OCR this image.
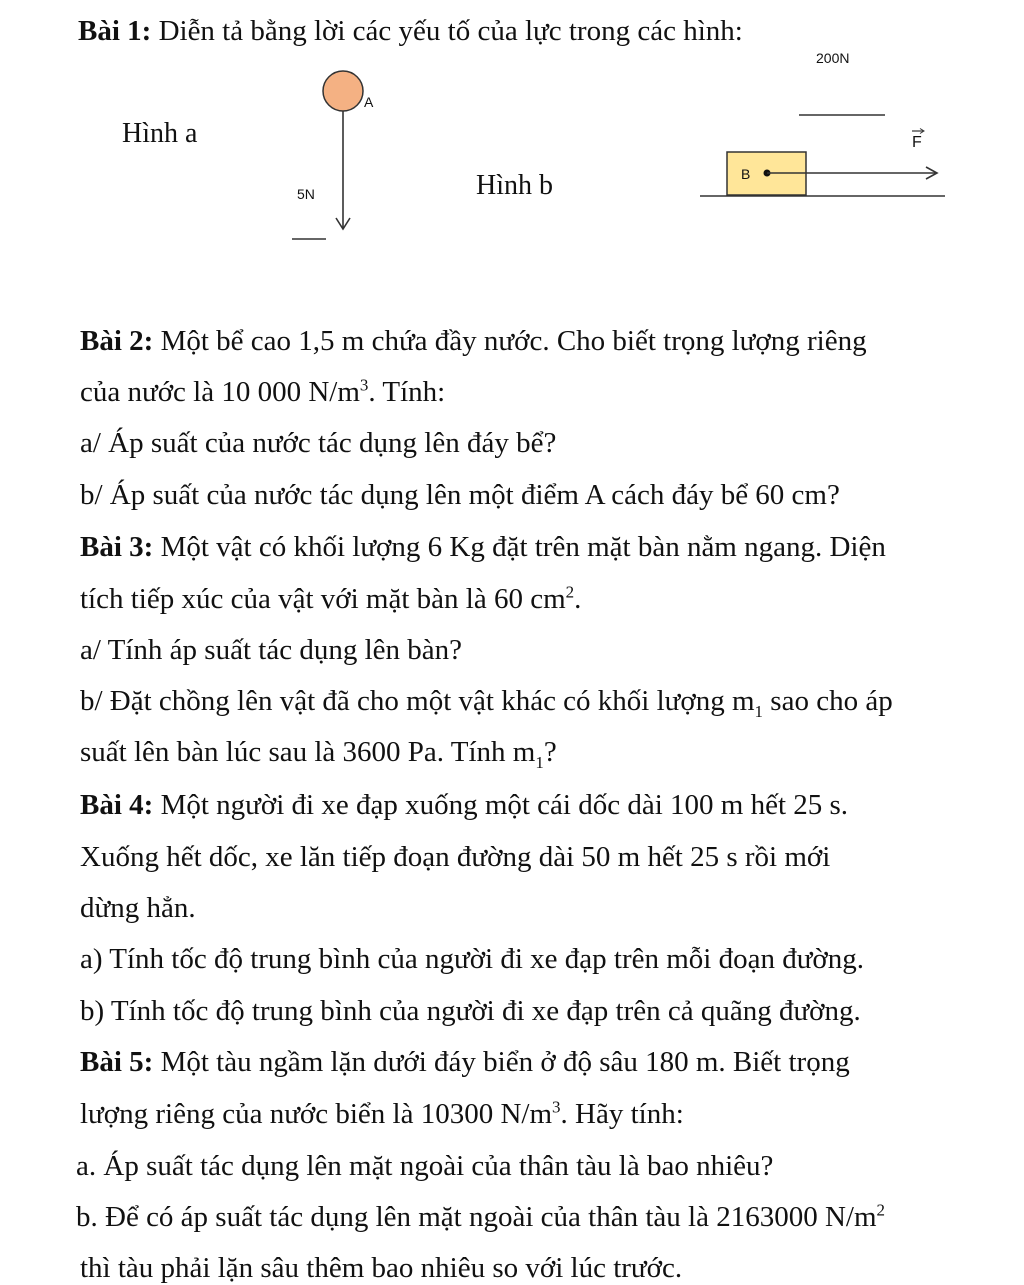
Bài 1: Diễn tả bằng lời các yếu tố của lực trong các hình:
Hình a
A
5N	Hình b
200N
B
F
Bài 2: Một bể cao 1,5 m chứa đầy nước. Cho biết trọng lượng riêng
của nước là 10 000 $N/m^3$. Tính:
a/ Áp suất của nước tác dụng lên đáy bể?
b/ Áp suất của nước tác dụng lên một điểm A cách đáy bể 60 cm?
Bài 3: Một vật có khối lượng 6 Kg đặt trên mặt bàn nằm ngang. Diện
tích tiếp xúc của vật với mặt bàn là 60 $cm^2$.
a/ Tính áp suất tác dụng lên bàn?
b/ Đặt chồng lên vật đã cho một vật khác có khối lượng $m_1$ sao cho áp
suất lên bàn lúc sau là 3600 Pa. Tính $m_1$?
Bài 4: Một người đi xe đạp xuống một cái dốc dài 100 m hết 25 s.
Xuống hết dốc, xe lăn tiếp đoạn đường dài 50 m hết 25 s rồi mới
dừng hẳn.
a) Tính tốc độ trung bình của người đi xe đạp trên mỗi đoạn đường.
b) Tính tốc độ trung bình của người đi xe đạp trên cả quãng đường.
Bài 5: Một tàu ngầm lặn dưới đáy biển ở độ sâu 180 m. Biết trọng
lượng riêng của nước biển là 10300 $N/m^3$. Hãy tính:
a. Áp suất tác dụng lên mặt ngoài của thân tàu là bao nhiêu?
b. Để có áp suất tác dụng lên mặt ngoài của thân tàu là 2163000 $N/m^2$
thì tàu phải lặn sâu thêm bao nhiêu so với lúc trước.
